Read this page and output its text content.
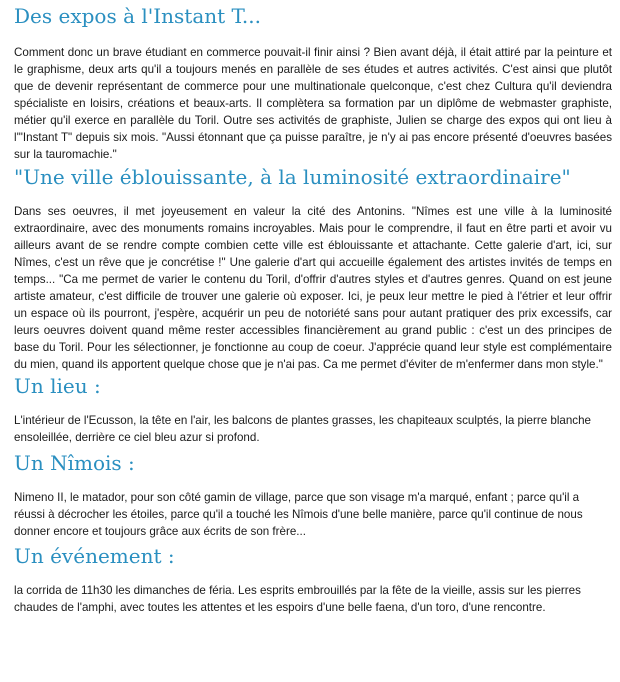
Des expos à l'Instant T...

Comment donc un brave étudiant en commerce pouvait-il finir ainsi ? Bien avant déjà, il était attiré par la peinture et le graphisme, deux arts qu'il a toujours menés en parallèle de ses études et autres activités. C'est ainsi que plutôt que de devenir représentant de commerce pour une multinationale quelconque, c'est chez Cultura qu'il deviendra spécialiste en loisirs, créations et beaux-arts. Il complètera sa formation par un diplôme de webmaster graphiste, métier qu'il exerce en parallèle du Toril. Outre ses activités de graphiste, Julien se charge des expos qui ont lieu à l'"Instant T" depuis six mois. "Aussi étonnant que ça puisse paraître, je n'y ai pas encore présenté d'oeuvres basées sur la tauromachie."

"Une ville éblouissante, à la luminosité extraordinaire"

Dans ses oeuvres, il met joyeusement en valeur la cité des Antonins. "Nîmes est une ville à la luminosité extraordinaire, avec des monuments romains incroyables. Mais pour le comprendre, il faut en être parti et avoir vu ailleurs avant de se rendre compte combien cette ville est éblouissante et attachante. Cette galerie d'art, ici, sur Nîmes, c'est un rêve que je concrétise !" Une galerie d'art qui accueille également des artistes invités de temps en temps... "Ca me permet de varier le contenu du Toril, d'offrir d'autres styles et d'autres genres. Quand on est jeune artiste amateur, c'est difficile de trouver une galerie où exposer. Ici, je peux leur mettre le pied à l'étrier et leur offrir un espace où ils pourront, j'espère, acquérir un peu de notoriété sans pour autant pratiquer des prix excessifs, car leurs oeuvres doivent quand même rester accessibles financièrement au grand public : c'est un des principes de base du Toril. Pour les sélectionner, je fonctionne au coup de coeur. J'apprécie quand leur style est complémentaire du mien, quand ils apportent quelque chose que je n'ai pas. Ca me permet d'éviter de m'enfermer dans mon style."

Un lieu :

L'intérieur de l'Ecusson, la tête en l'air, les balcons de plantes grasses, les chapiteaux sculptés, la pierre blanche ensoleillée, derrière ce ciel bleu azur si profond.

Un Nîmois :

Nimeno II, le matador, pour son côté gamin de village, parce que son visage m'a marqué, enfant ; parce qu'il a réussi à décrocher les étoiles, parce qu'il a touché les Nîmois d'une belle manière, parce qu'il continue de nous donner encore et toujours grâce aux écrits de son frère...

Un événement :

la corrida de 11h30 les dimanches de féria. Les esprits embrouillés par la fête de la vieille, assis sur les pierres chaudes de l'amphi, avec toutes les attentes et les espoirs d'une belle faena, d'un toro, d'une rencontre.
